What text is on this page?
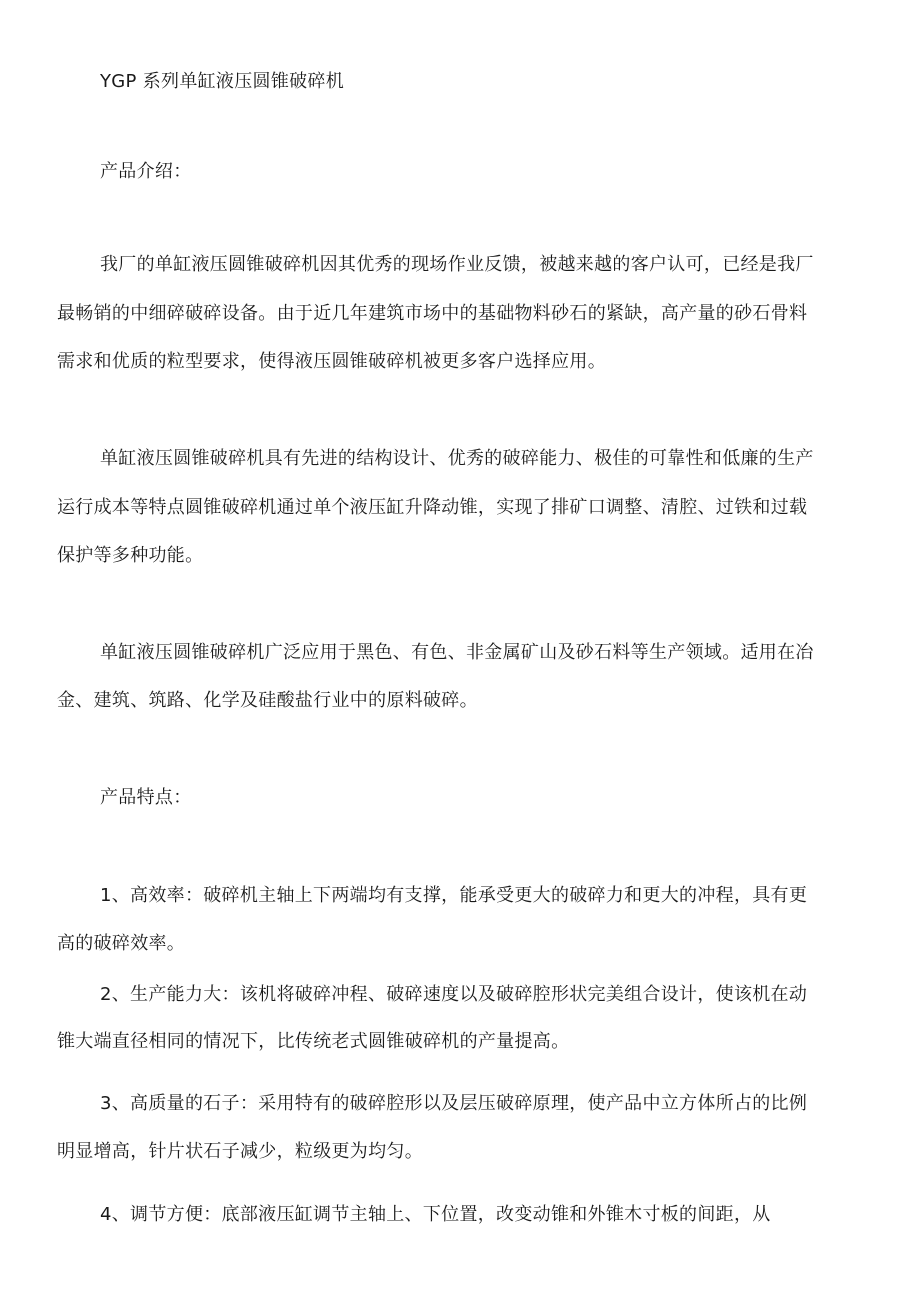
YGP 系列单缸液压圆锥破碎机
产品介绍：
我厂的单缸液压圆锥破碎机因其优秀的现场作业反馈，被越来越的客户认可，已经是我厂
最畅销的中细碎破碎设备。由于近几年建筑市场中的基础物料砂石的紧缺，高产量的砂石骨料
需求和优质的粒型要求，使得液压圆锥破碎机被更多客户选择应用。
单缸液压圆锥破碎机具有先进的结构设计、优秀的破碎能力、极佳的可靠性和低廉的生产
运行成本等特点圆锥破碎机通过单个液压缸升降动锥，实现了排矿口调整、清腔、过铁和过载
保护等多种功能。
单缸液压圆锥破碎机广泛应用于黑色、有色、非金属矿山及砂石料等生产领域。适用在冶
金、建筑、筑路、化学及硅酸盐行业中的原料破碎。
产品特点：
1、高效率：破碎机主轴上下两端均有支撑，能承受更大的破碎力和更大的冲程，具有更
高的破碎效率。
2、生产能力大：该机将破碎冲程、破碎速度以及破碎腔形状完美组合设计，使该机在动
锥大端直径相同的情况下，比传统老式圆锥破碎机的产量提高。
3、高质量的石子：采用特有的破碎腔形以及层压破碎原理，使产品中立方体所占的比例
明显增高，针片状石子减少，粒级更为均匀。
4、调节方便：底部液压缸调节主轴上、下位置，改变动锥和外锥木寸板的间距，从
